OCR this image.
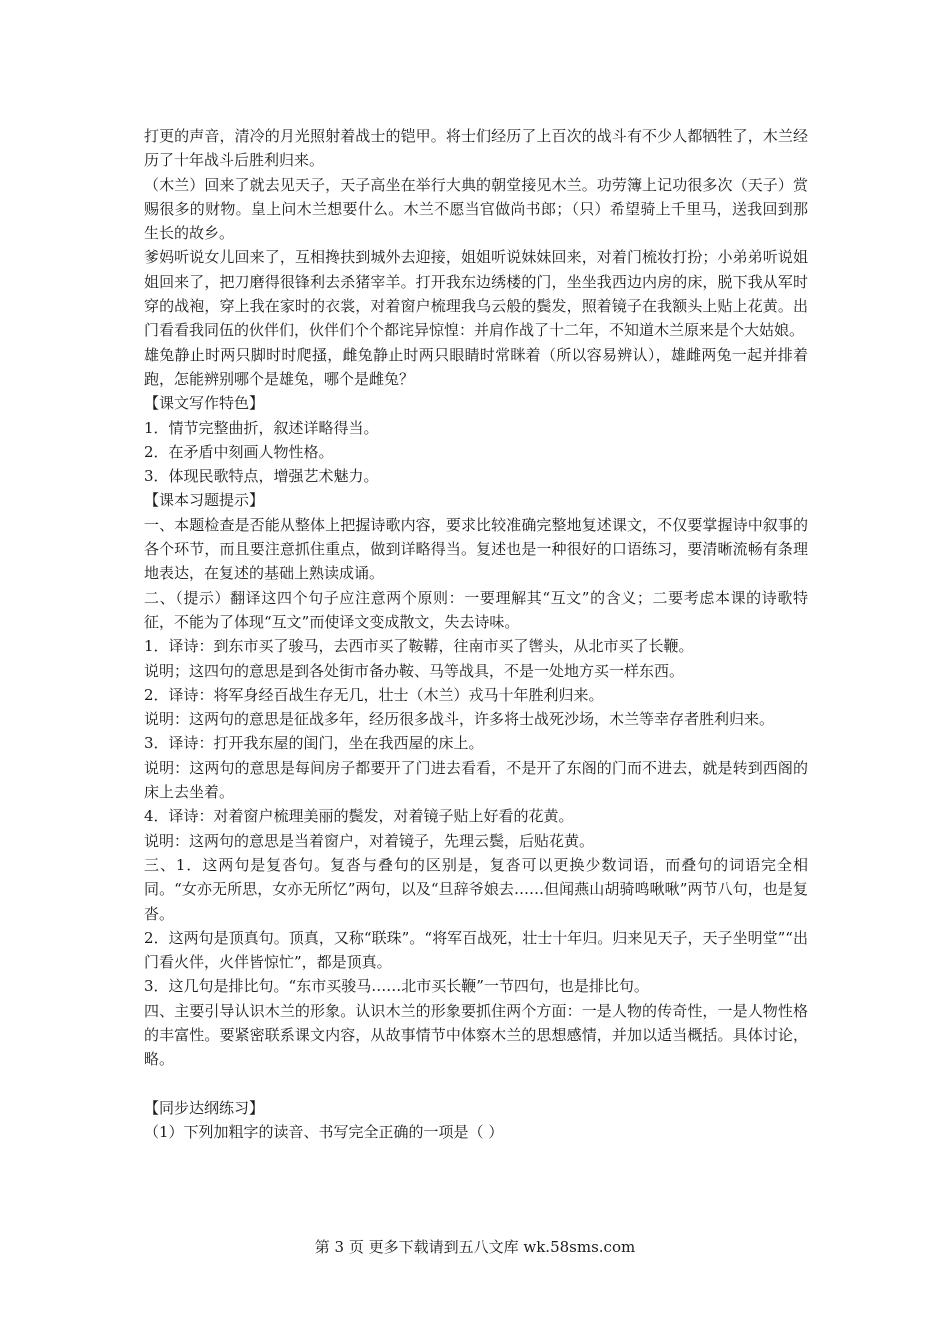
打更的声音，清冷的月光照射着战士的铠甲。将士们经历了上百次的战斗有不少人都牺牲了，木兰经历了十年战斗后胜利归来。

（木兰）回来了就去见天子，天子高坐在举行大典的朝堂接见木兰。功劳簿上记功很多次（天子）赏赐很多的财物。皇上问木兰想要什么。木兰不愿当官做尚书郎；（只）希望骑上千里马，送我回到那生长的故乡。

爹妈听说女儿回来了，互相搀扶到城外去迎接，姐姐听说妹妹回来，对着门梳妆打扮；小弟弟听说姐姐回来了，把刀磨得很锋利去杀猪宰羊。打开我东边绣楼的门，坐坐我西边内房的床，脱下我从军时穿的战袍，穿上我在家时的衣裳，对着窗户梳理我乌云般的鬓发，照着镜子在我额头上贴上花黄。出门看看我同伍的伙伴们，伙伴们个个都诧异惊惶：并肩作战了十二年，不知道木兰原来是个大姑娘。

雄兔静止时两只脚时时爬搔，雌兔静止时两只眼睛时常眯着（所以容易辨认），雄雌两兔一起并排着跑，怎能辨别哪个是雄兔，哪个是雌兔？

【课文写作特色】

1．情节完整曲折，叙述详略得当。

2．在矛盾中刻画人物性格。

3．体现民歌特点，增强艺术魅力。

【课本习题提示】

一、本题检查是否能从整体上把握诗歌内容，要求比较准确完整地复述课文，不仅要掌握诗中叙事的各个环节，而且要注意抓住重点，做到详略得当。复述也是一种很好的口语练习，要清晰流畅有条理地表达，在复述的基础上熟读成诵。

二、（提示）翻译这四个句子应注意两个原则：一要理解其“互文”的含义；二要考虑本课的诗歌特征，不能为了体现“互文”而使译文变成散文，失去诗味。

1．译诗：到东市买了骏马，去西市买了鞍鞯，往南市买了辔头，从北市买了长鞭。

说明；这四句的意思是到各处街市备办鞍、马等战具，不是一处地方买一样东西。

2．译诗：将军身经百战生存无几，壮士（木兰）戎马十年胜利归来。

说明：这两句的意思是征战多年，经历很多战斗，许多将士战死沙场，木兰等幸存者胜利归来。

3．译诗：打开我东屋的闺门，坐在我西屋的床上。

说明：这两句的意思是每间房子都要开了门进去看看，不是开了东阁的门而不进去，就是转到西阁的床上去坐着。

4．译诗：对着窗户梳理美丽的鬓发，对着镜子贴上好看的花黄。

说明：这两句的意思是当着窗户，对着镜子，先理云鬓，后贴花黄。

三、1．这两句是复沓句。复沓与叠句的区别是，复沓可以更换少数词语，而叠句的词语完全相同。“女亦无所思，女亦无所忆”两句，以及“旦辞爷娘去……但闻燕山胡骑鸣啾啾”两节八句，也是复沓。

2．这两句是顶真句。顶真，又称“联珠”。“将军百战死，壮士十年归。归来见天子，天子坐明堂”“出门看火伴，火伴皆惊忙”，都是顶真。

3．这几句是排比句。“东市买骏马……北市买长鞭”一节四句，也是排比句。

四、主要引导认识木兰的形象。认识木兰的形象要抓住两个方面：一是人物的传奇性，一是人物性格的丰富性。要紧密联系课文内容，从故事情节中体察木兰的思想感情，并加以适当概括。具体讨论，略。

【同步达纲练习】

（1）下列加粗字的读音、书写完全正确的一项是（ ）

第 3 页 更多下载请到五八文库 wk.58sms.com
